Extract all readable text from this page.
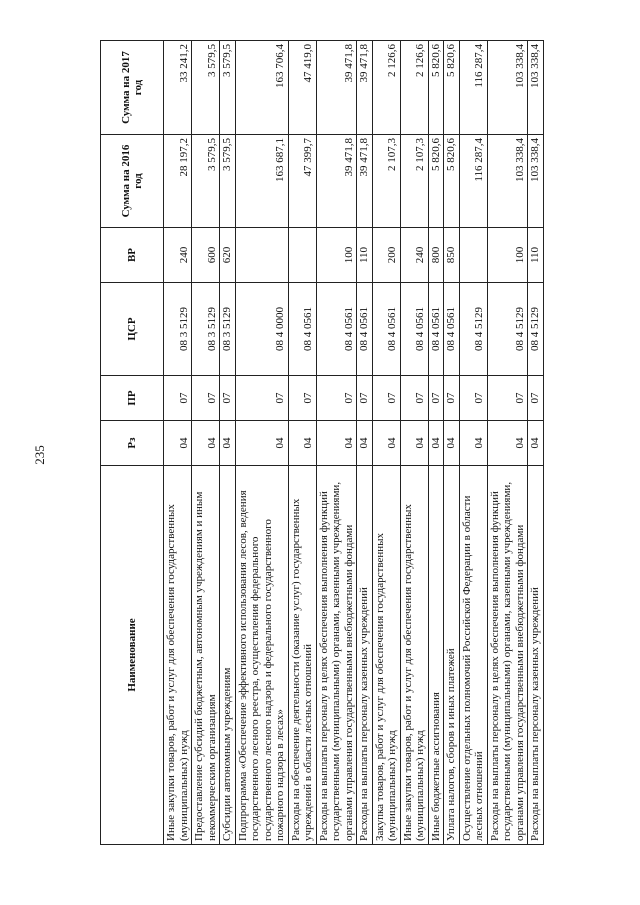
235
Наименование	Рз	ПР	ЦСР	ВР	Сумма на 2016 год	Сумма на 2017 год
Иные закупки товаров, работ и услуг для обеспечения государственных (муниципальных) нужд	04	07	08 3 5129	240	28 197,2	33 241,2
Предоставление субсидий бюджетным, автономным учреждениям и иным некоммерческим организациям	04	07	08 3 5129	600	3 579,5	3 579,5
Субсидии автономным учреждениям	04	07	08 3 5129	620	3 579,5	3 579,5
Подпрограмма «Обеспечение эффективного использования лесов, ведения государственного лесного реестра, осуществления федерального государственного лесного надзора и федерального государственного пожарного надзора в лесах»	04	07	08 4 0000		163 687,1	163 706,4
Расходы на обеспечение деятельности (оказание услуг) государственных учреждений в области лесных отношений	04	07	08 4 0561		47 399,7	47 419,0
Расходы на выплаты персоналу в целях обеспечения выполнения функций государственными (муниципальными) органами, казенными учреждениями, органами управления государственными внебюджетными фондами	04	07	08 4 0561	100	39 471,8	39 471,8
Расходы на выплаты персоналу казенных учреждений	04	07	08 4 0561	110	39 471,8	39 471,8
Закупка товаров, работ и услуг для обеспечения государственных (муниципальных) нужд	04	07	08 4 0561	200	2 107,3	2 126,6
Иные закупки товаров, работ и услуг для обеспечения государственных (муниципальных) нужд	04	07	08 4 0561	240	2 107,3	2 126,6
Иные бюджетные ассигнования	04	07	08 4 0561	800	5 820,6	5 820,6
Уплата налогов, сборов и иных платежей	04	07	08 4 0561	850	5 820,6	5 820,6
Осуществление отдельных полномочий Российской Федерации в области лесных отношений	04	07	08 4 5129		116 287,4	116 287,4
Расходы на выплаты персоналу в целях обеспечения выполнения функций государственными (муниципальными) органами, казенными учреждениями, органами управления государственными внебюджетными фондами	04	07	08 4 5129	100	103 338,4	103 338,4
Расходы на выплаты персоналу казенных учреждений	04	07	08 4 5129	110	103 338,4	103 338,4
